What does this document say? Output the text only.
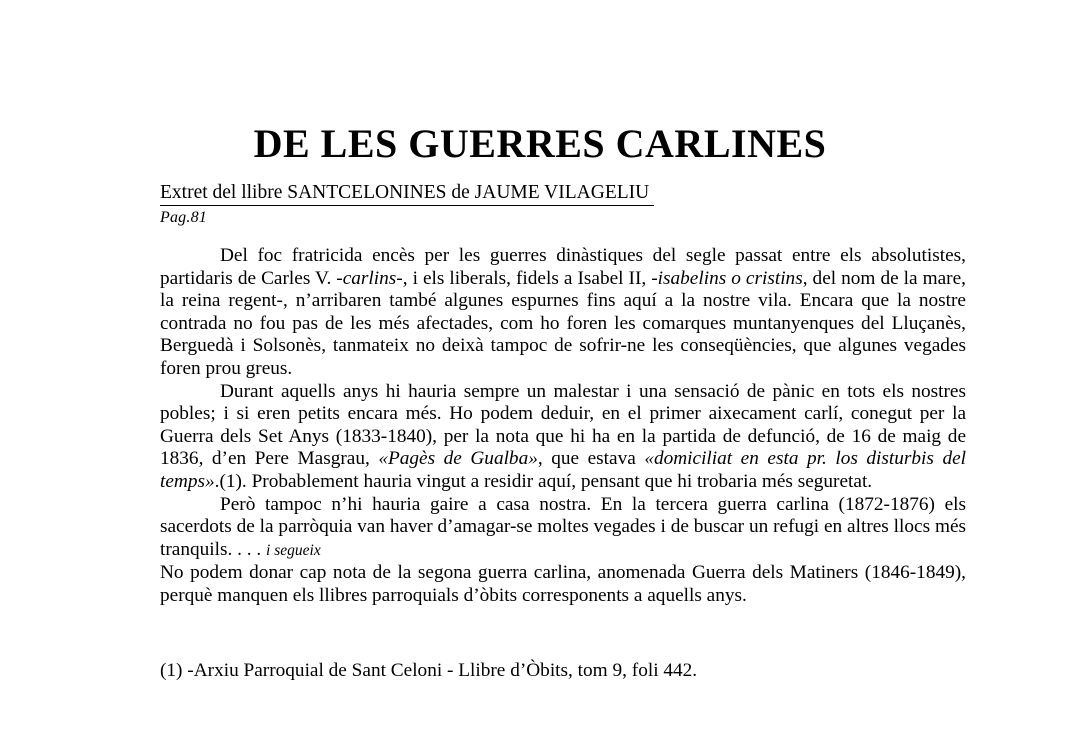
DE LES GUERRES CARLINES
Extret del llibre SANTCELONINES de JAUME VILAGELIU
Pag.81

Del foc fratricida encès per les guerres dinàstiques del segle passat entre els absolutistes, partidaris de Carles V. -carlins-, i els liberals, fidels a Isabel II, -isabelins o cristins, del nom de la mare, la reina regent-, n’arribaren també algunes espurnes fins aquí a la nostre vila. Encara que la nostre contrada no fou pas de les més afectades, com ho foren les comarques muntanyenques del Lluçanès, Berguedà i Solsonès, tanmateix no deixà tampoc de sofrir-ne les conseqüències, que algunes vegades foren prou greus.

Durant aquells anys hi hauria sempre un malestar i una sensació de pànic en tots els nostres pobles; i si eren petits encara més. Ho podem deduir, en el primer aixecament carlí, conegut per la Guerra dels Set Anys (1833-1840), per la nota que hi ha en la partida de defunció, de 16 de maig de 1836, d’en Pere Masgrau, «Pagès de Gualba», que estava «domiciliat en esta pr. los disturbis del temps».(1). Probablement hauria vingut a residir aquí, pensant que hi trobaria més seguretat.

Però tampoc n’hi hauria gaire a casa nostra. En la tercera guerra carlina (1872-1876) els sacerdots de la parròquia van haver d’amagar-se moltes vegades i de buscar un refugi en altres llocs més tranquils. . . . i segueix

No podem donar cap nota de la segona guerra carlina, anomenada Guerra dels Matiners (1846-1849), perquè manquen els llibres parroquials d’òbits corresponents a aquells anys.

(1) -Arxiu Parroquial de Sant Celoni - Llibre d’Òbits, tom 9, foli 442.
